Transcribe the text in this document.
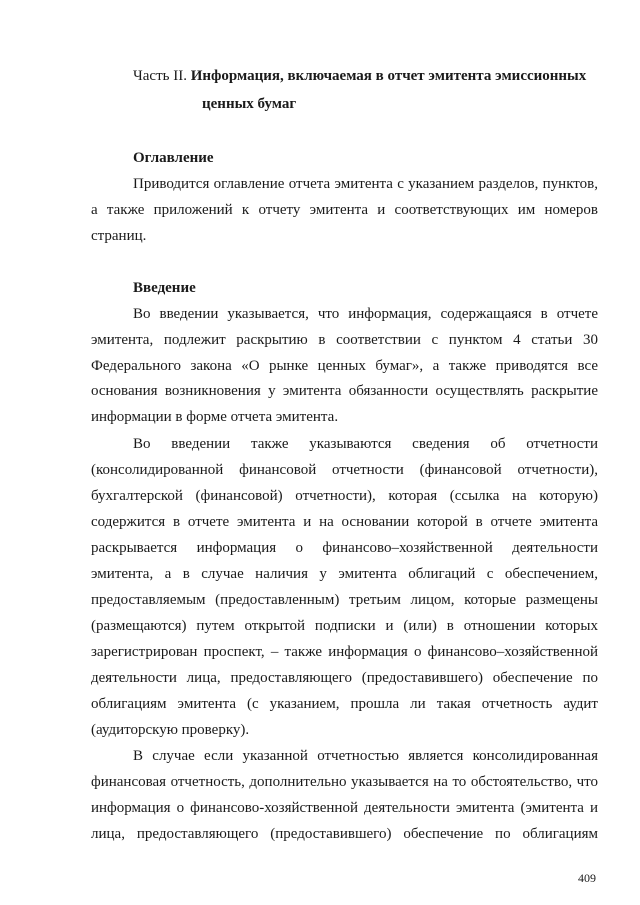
Часть II. Информация, включаемая в отчет эмитента эмиссионных
ценных бумаг
Оглавление
Приводится оглавление отчета эмитента с указанием разделов, пунктов,
а также приложений к отчету эмитента и соответствующих им номеров
страниц.
Введение
Во введении указывается, что информация, содержащаяся в отчете
эмитента, подлежит раскрытию в соответствии с пунктом 4 статьи 30
Федерального закона «О рынке ценных бумаг», а также приводятся все
основания возникновения у эмитента обязанности осуществлять раскрытие
информации в форме отчета эмитента.
Во введении также указываются сведения об отчетности
(консолидированной финансовой отчетности (финансовой отчетности),
бухгалтерской (финансовой) отчетности), которая (ссылка на которую)
содержится в отчете эмитента и на основании которой в отчете эмитента
раскрывается информация о финансово–хозяйственной деятельности
эмитента, а в случае наличия у эмитента облигаций с обеспечением,
предоставляемым (предоставленным) третьим лицом, которые размещены
(размещаются) путем открытой подписки и (или) в отношении которых
зарегистрирован проспект, – также информация о финансово–хозяйственной
деятельности лица, предоставляющего (предоставившего) обеспечение по
облигациям эмитента (с указанием, прошла ли такая отчетность аудит
(аудиторскую проверку).
В случае если указанной отчетностью является консолидированная
финансовая отчетность, дополнительно указывается на то обстоятельство, что
информация о финансово-хозяйственной деятельности эмитента (эмитента и
лица, предоставляющего (предоставившего) обеспечение по облигациям
409
